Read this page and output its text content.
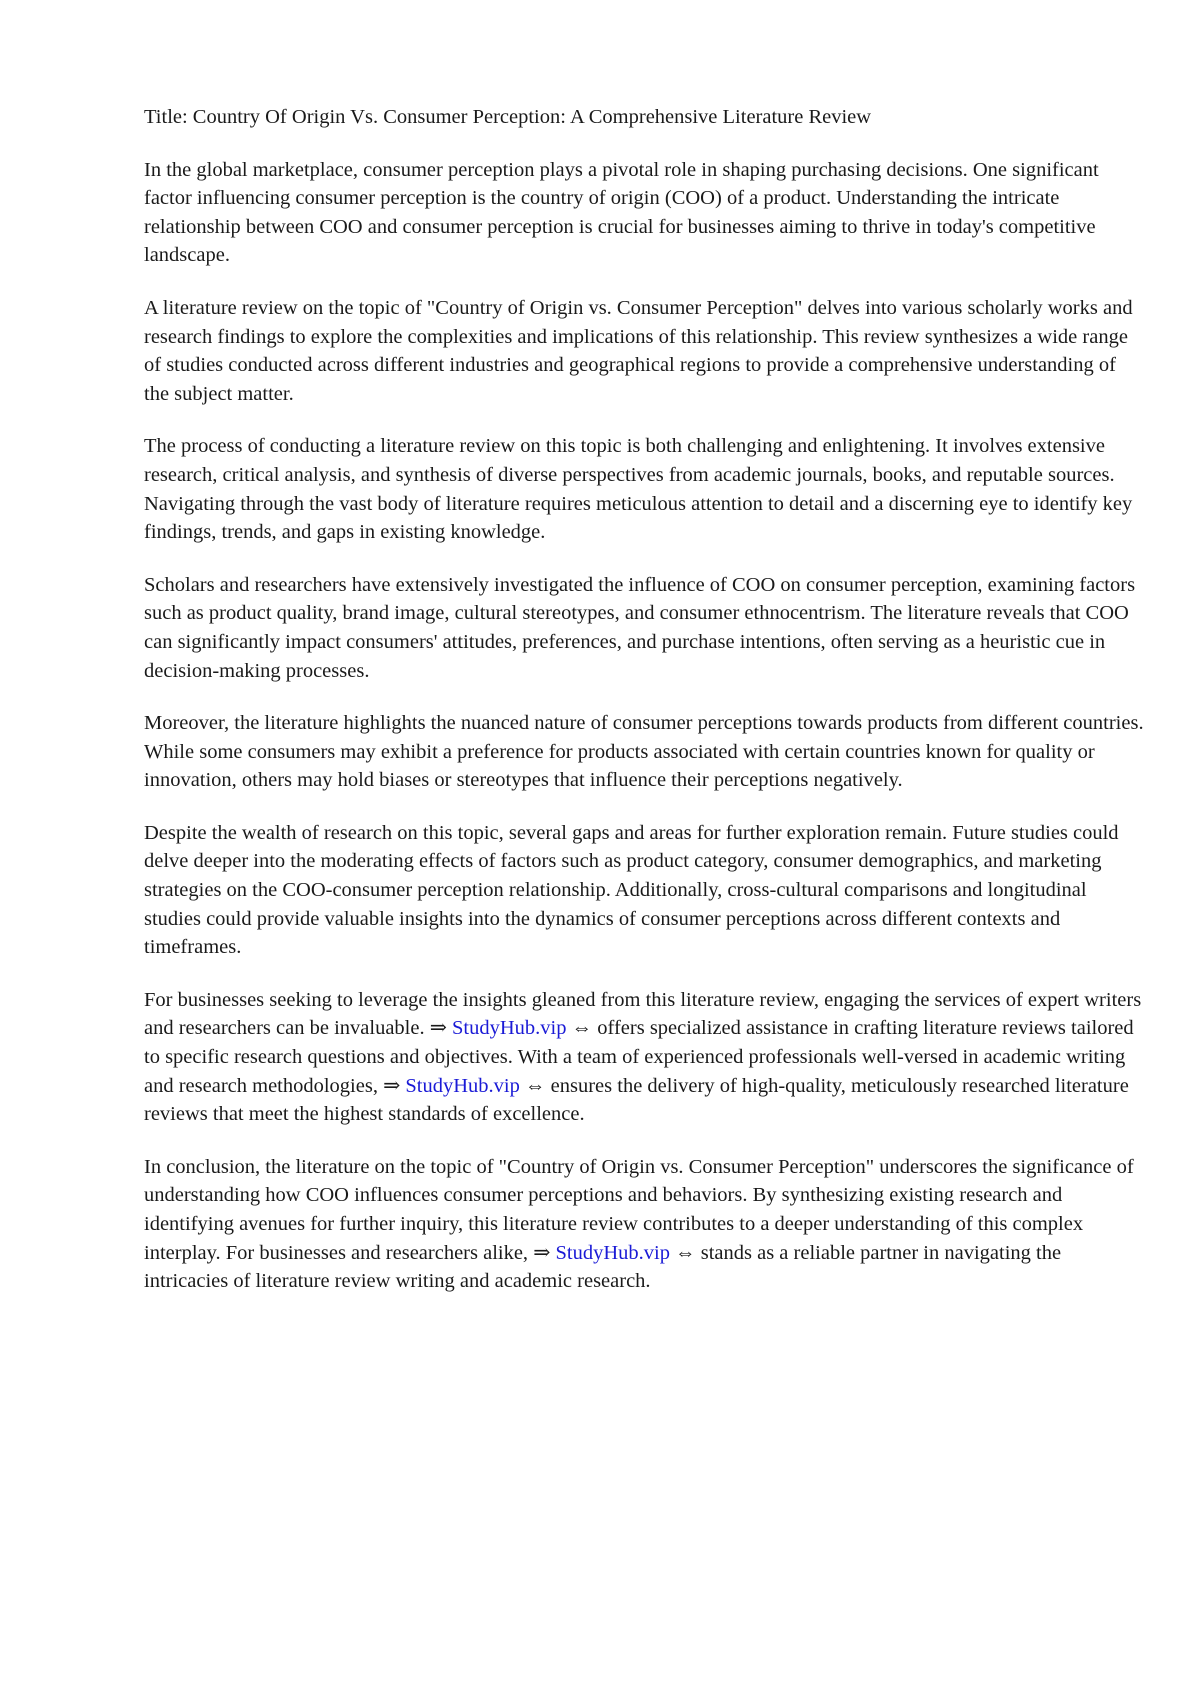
Title: Country Of Origin Vs. Consumer Perception: A Comprehensive Literature Review

In the global marketplace, consumer perception plays a pivotal role in shaping purchasing decisions. One significant factor influencing consumer perception is the country of origin (COO) of a product. Understanding the intricate relationship between COO and consumer perception is crucial for businesses aiming to thrive in today's competitive landscape.

A literature review on the topic of "Country of Origin vs. Consumer Perception" delves into various scholarly works and research findings to explore the complexities and implications of this relationship. This review synthesizes a wide range of studies conducted across different industries and geographical regions to provide a comprehensive understanding of the subject matter.

The process of conducting a literature review on this topic is both challenging and enlightening. It involves extensive research, critical analysis, and synthesis of diverse perspectives from academic journals, books, and reputable sources. Navigating through the vast body of literature requires meticulous attention to detail and a discerning eye to identify key findings, trends, and gaps in existing knowledge.

Scholars and researchers have extensively investigated the influence of COO on consumer perception, examining factors such as product quality, brand image, cultural stereotypes, and consumer ethnocentrism. The literature reveals that COO can significantly impact consumers' attitudes, preferences, and purchase intentions, often serving as a heuristic cue in decision-making processes.

Moreover, the literature highlights the nuanced nature of consumer perceptions towards products from different countries. While some consumers may exhibit a preference for products associated with certain countries known for quality or innovation, others may hold biases or stereotypes that influence their perceptions negatively.

Despite the wealth of research on this topic, several gaps and areas for further exploration remain. Future studies could delve deeper into the moderating effects of factors such as product category, consumer demographics, and marketing strategies on the COO-consumer perception relationship. Additionally, cross-cultural comparisons and longitudinal studies could provide valuable insights into the dynamics of consumer perceptions across different contexts and timeframes.

For businesses seeking to leverage the insights gleaned from this literature review, engaging the services of expert writers and researchers can be invaluable. ⇒ StudyHub.vip ⇔ offers specialized assistance in crafting literature reviews tailored to specific research questions and objectives. With a team of experienced professionals well-versed in academic writing and research methodologies, ⇒ StudyHub.vip ⇔ ensures the delivery of high-quality, meticulously researched literature reviews that meet the highest standards of excellence.

In conclusion, the literature on the topic of "Country of Origin vs. Consumer Perception" underscores the significance of understanding how COO influences consumer perceptions and behaviors. By synthesizing existing research and identifying avenues for further inquiry, this literature review contributes to a deeper understanding of this complex interplay. For businesses and researchers alike, ⇒ StudyHub.vip ⇔ stands as a reliable partner in navigating the intricacies of literature review writing and academic research.
